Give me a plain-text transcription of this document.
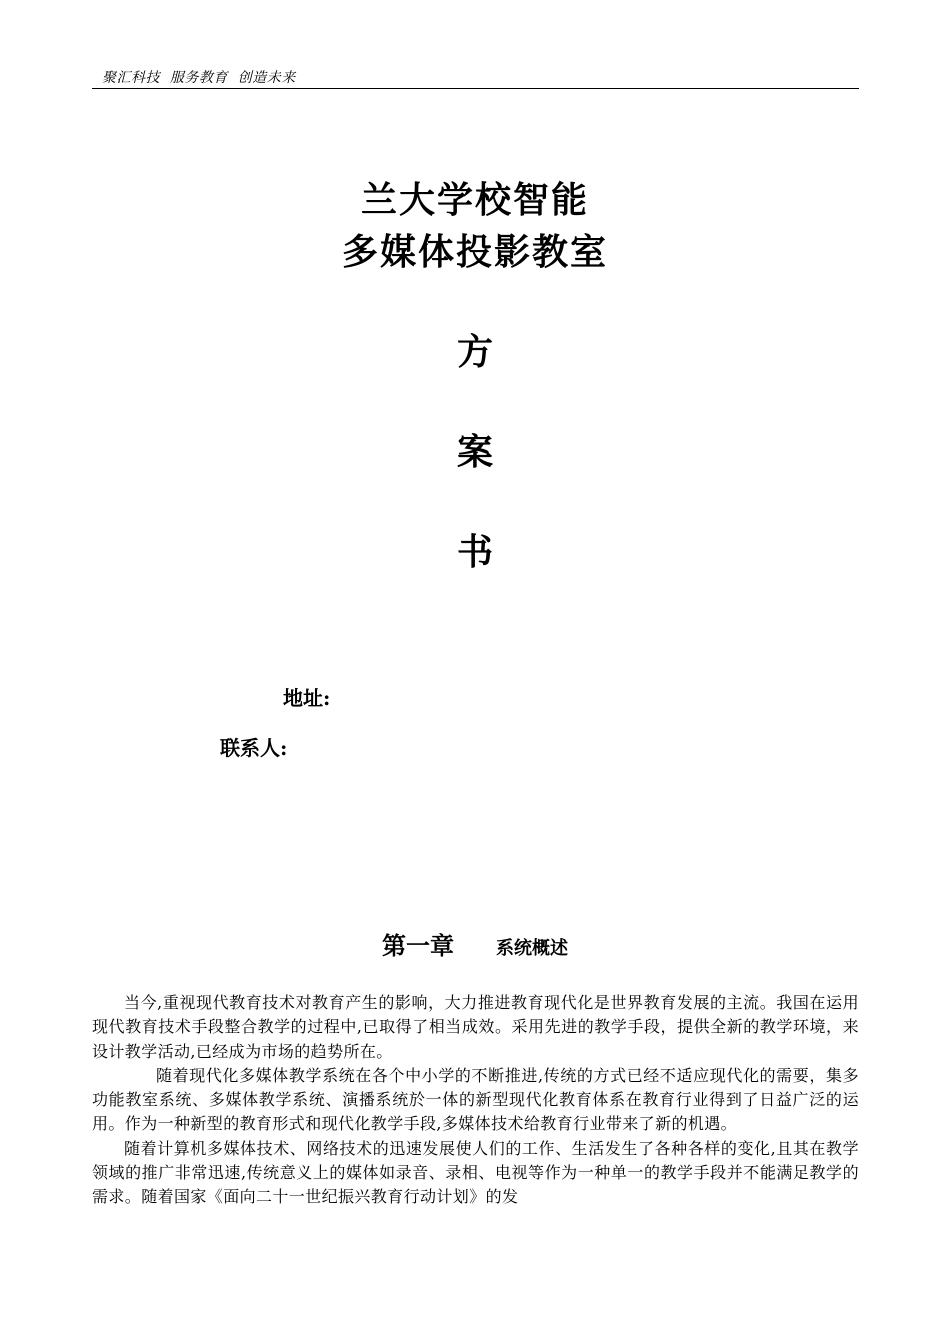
聚汇科技  服务教育  创造未来
兰大学校智能
多媒体投影教室
方
案
书
地址:
联系人:
第一章 系统概述

当今,重视现代教育技术对教育产生的影响，大力推进教育现代化是世界教育发展的主流。我国在运用现代教育技术手段整合教学的过程中,已取得了相当成效。采用先进的教学手段，提供全新的教学环境，来设计教学活动,已经成为市场的趋势所在。

随着现代化多媒体教学系统在各个中小学的不断推进,传统的方式已经不适应现代化的需要，集多功能教室系统、多媒体教学系统、演播系统於一体的新型现代化教育体系在教育行业得到了日益广泛的运用。作为一种新型的教育形式和现代化教学手段,多媒体技术给教育行业带来了新的机遇。

随着计算机多媒体技术、网络技术的迅速发展使人们的工作、生活发生了各种各样的变化,且其在教学领域的推广非常迅速,传统意义上的媒体如录音、录相、电视等作为一种单一的教学手段并不能满足教学的需求。随着国家《面向二十一世纪振兴教育行动计划》的发
